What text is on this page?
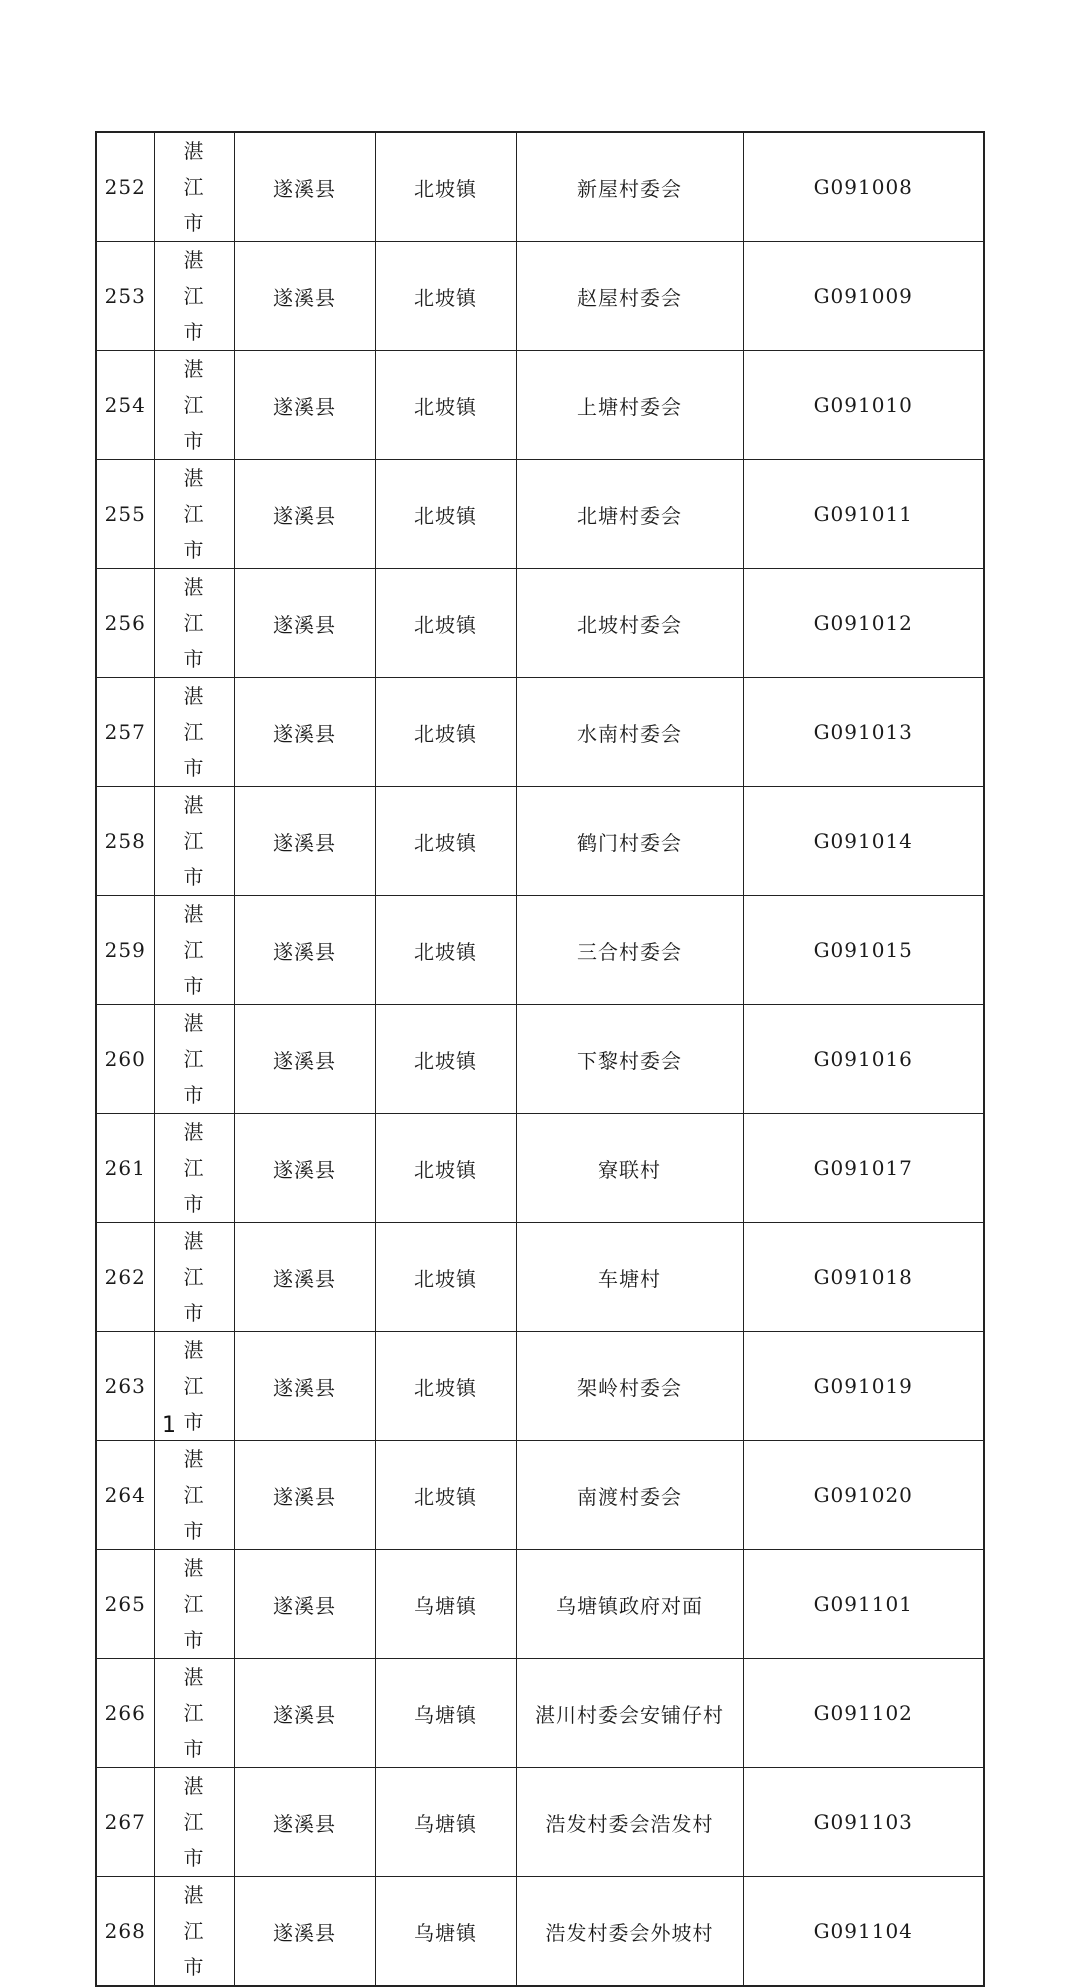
252	湛江市	遂溪县	北坡镇	新屋村委会	G091008
253	湛江市	遂溪县	北坡镇	赵屋村委会	G091009
254	湛江市	遂溪县	北坡镇	上塘村委会	G091010
255	湛江市	遂溪县	北坡镇	北塘村委会	G091011
256	湛江市	遂溪县	北坡镇	北坡村委会	G091012
257	湛江市	遂溪县	北坡镇	水南村委会	G091013
258	湛江市	遂溪县	北坡镇	鹤门村委会	G091014
259	湛江市	遂溪县	北坡镇	三合村委会	G091015
260	湛江市	遂溪县	北坡镇	下黎村委会	G091016
261	湛江市	遂溪县	北坡镇	寮联村	G091017
262	湛江市	遂溪县	北坡镇	车塘村	G091018
263	湛江市	遂溪县	北坡镇	架岭村委会	G091019
264	湛江市	遂溪县	北坡镇	南渡村委会	G091020
265	湛江市	遂溪县	乌塘镇	乌塘镇政府对面	G091101
266	湛江市	遂溪县	乌塘镇	湛川村委会安铺仔村	G091102
267	湛江市	遂溪县	乌塘镇	浩发村委会浩发村	G091103
268	湛江市	遂溪县	乌塘镇	浩发村委会外坡村	G091104
1
